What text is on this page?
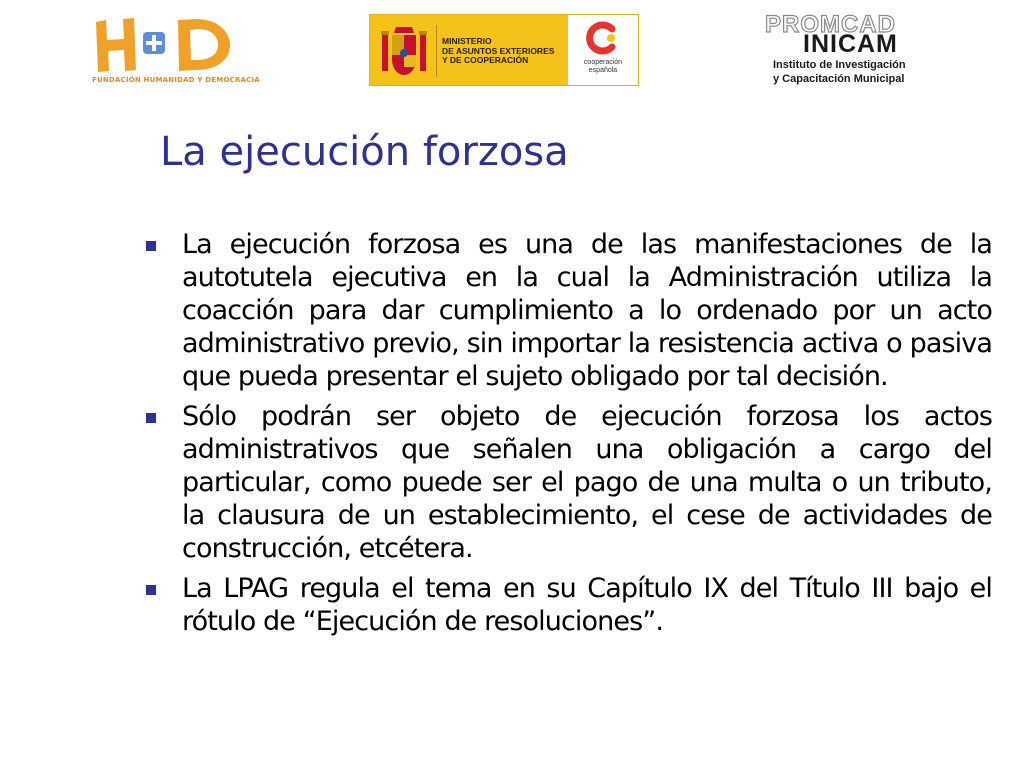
FUNDACIÓN HUMANIDAD Y DEMOCRACIA
MINISTERIO
DE ASUNTOS EXTERIORES
Y DE COOPERACIÓN	cooperación
española
PROMCAD
INICAM
Instituto de Investigación
y Capacitación Municipal
La ejecución forzosa
La ejecución forzosa es una de las manifestaciones de la autotutela ejecutiva en la cual la Administración utiliza la coacción para dar cumplimiento a lo ordenado por un acto administrativo previo, sin importar la resistencia activa o pasiva que pueda presentar el sujeto obligado por tal decisión.
Sólo podrán ser objeto de ejecución forzosa los actos administrativos que señalen una obligación a cargo del particular, como puede ser el pago de una multa o un tributo, la clausura de un establecimiento, el cese de actividades de construcción, etcétera.
La LPAG regula el tema en su Capítulo IX del Título III bajo el rótulo de “Ejecución de resoluciones”.
